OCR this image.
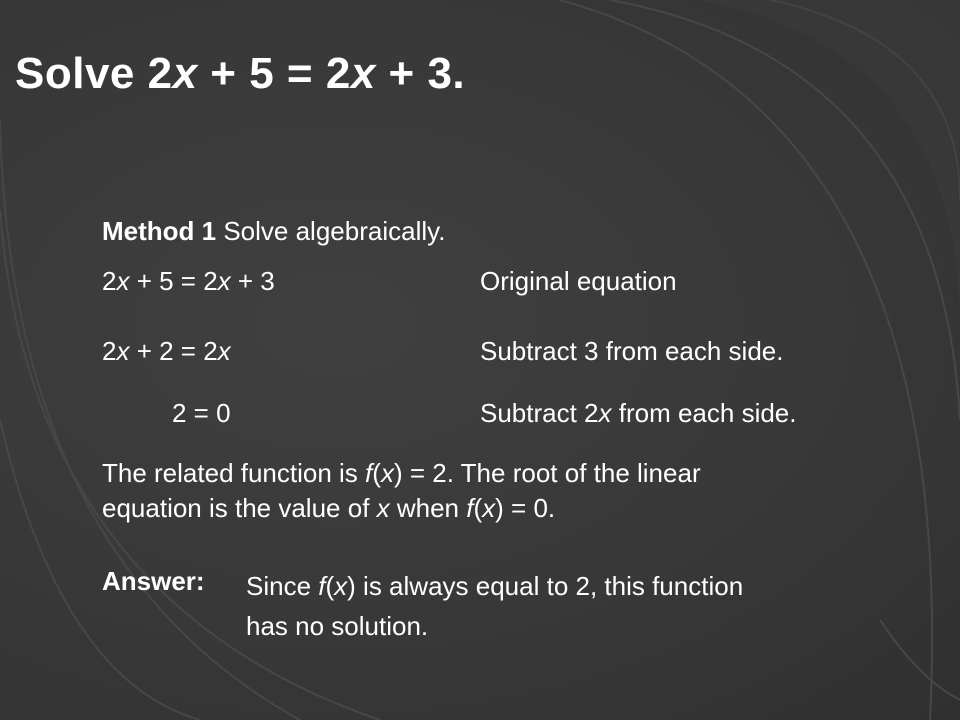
Solve 2x + 5 = 2x + 3.
Method 1 Solve algebraically.
2x + 5 = 2x + 3	Original equation
2x + 2 = 2x	Subtract 3 from each side.
2 = 0	Subtract 2x from each side.
The related function is f(x) = 2. The root of the linear
equation is the value of x when f(x) = 0.
Answer: Since f(x) is always equal to 2, this function
has no solution.
